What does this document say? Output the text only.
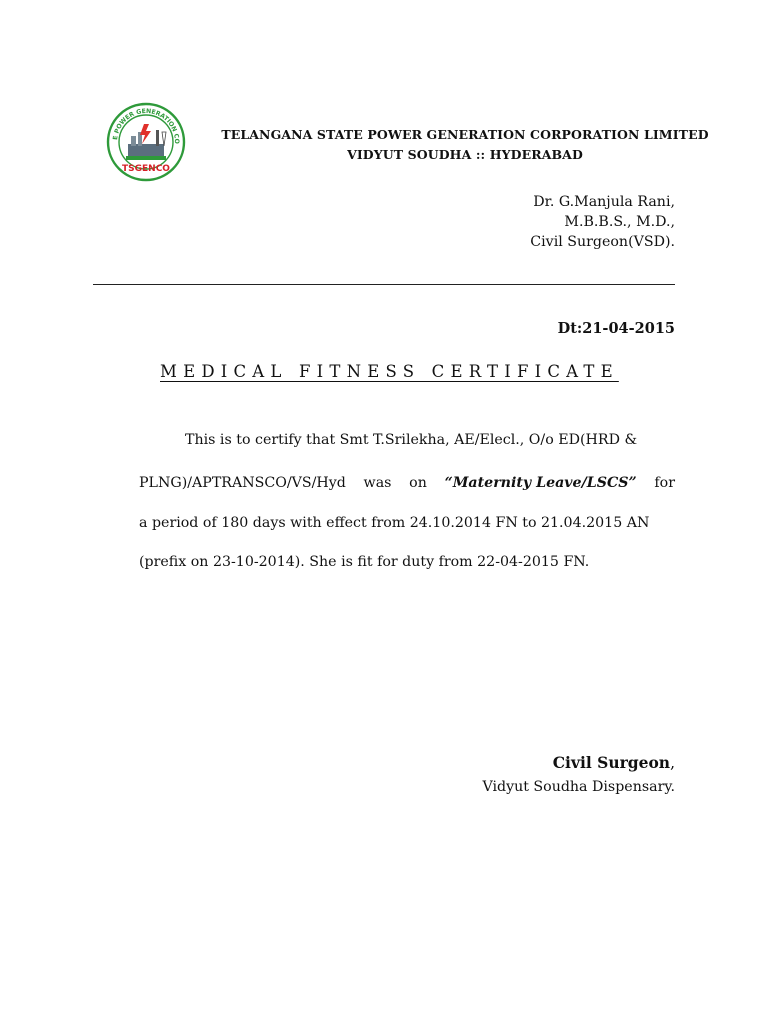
E POWER GENERATION CO
TSGENCO
TELANGANA STATE POWER GENERATION CORPORATION LIMITED
VIDYUT SOUDHA :: HYDERABAD
Dr. G.Manjula Rani,
M.B.B.S., M.D.,
Civil Surgeon(VSD).
Dt:21-04-2015
MEDICAL FITNESS CERTIFICATE
This is to certify that Smt T.Srilekha, AE/Elecl., O/o ED(HRD &
PLNG)/APTRANSCO/VS/Hyd was on “Maternity Leave/LSCS” for
a period of 180 days with effect from 24.10.2014 FN to 21.04.2015 AN
(prefix on 23-10-2014). She is fit for duty from 22-04-2015 FN.
Civil Surgeon,
Vidyut Soudha Dispensary.
